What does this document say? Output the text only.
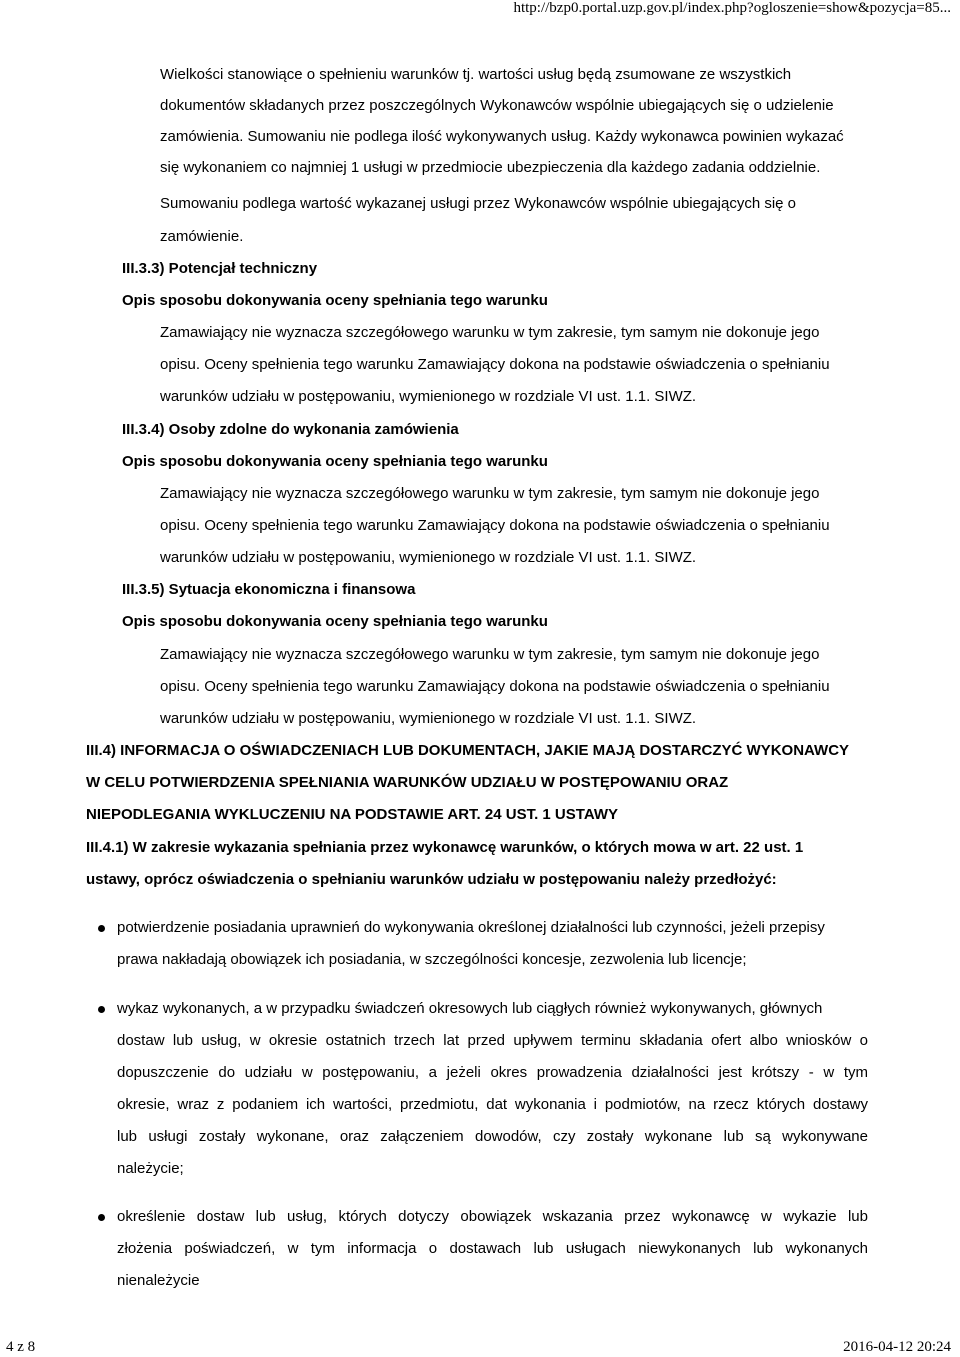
http://bzp0.portal.uzp.gov.pl/index.php?ogloszenie=show&pozycja=85...
Wielkości stanowiące o spełnieniu warunków tj. wartości usług będą zsumowane ze wszystkich
dokumentów składanych przez poszczególnych Wykonawców wspólnie ubiegających się o udzielenie
zamówienia. Sumowaniu nie podlega ilość wykonywanych usług. Każdy wykonawca powinien wykazać
się wykonaniem co najmniej 1 usługi w przedmiocie ubezpieczenia dla każdego zadania oddzielnie.
Sumowaniu podlega wartość wykazanej usługi przez Wykonawców wspólnie ubiegających się o
zamówienie.
III.3.3) Potencjał techniczny
Opis sposobu dokonywania oceny spełniania tego warunku
Zamawiający nie wyznacza szczegółowego warunku w tym zakresie, tym samym nie dokonuje jego
opisu. Oceny spełnienia tego warunku Zamawiający dokona na podstawie oświadczenia o spełnianiu
warunków udziału w postępowaniu, wymienionego w rozdziale VI ust. 1.1. SIWZ.
III.3.4) Osoby zdolne do wykonania zamówienia
Opis sposobu dokonywania oceny spełniania tego warunku
Zamawiający nie wyznacza szczegółowego warunku w tym zakresie, tym samym nie dokonuje jego
opisu. Oceny spełnienia tego warunku Zamawiający dokona na podstawie oświadczenia o spełnianiu
warunków udziału w postępowaniu, wymienionego w rozdziale VI ust. 1.1. SIWZ.
III.3.5) Sytuacja ekonomiczna i finansowa
Opis sposobu dokonywania oceny spełniania tego warunku
Zamawiający nie wyznacza szczegółowego warunku w tym zakresie, tym samym nie dokonuje jego
opisu. Oceny spełnienia tego warunku Zamawiający dokona na podstawie oświadczenia o spełnianiu
warunków udziału w postępowaniu, wymienionego w rozdziale VI ust. 1.1. SIWZ.
III.4) INFORMACJA O OŚWIADCZENIACH LUB DOKUMENTACH, JAKIE MAJĄ DOSTARCZYĆ WYKONAWCY
W CELU POTWIERDZENIA SPEŁNIANIA WARUNKÓW UDZIAŁU W POSTĘPOWANIU ORAZ
NIEPODLEGANIA WYKLUCZENIU NA PODSTAWIE ART. 24 UST. 1 USTAWY
III.4.1) W zakresie wykazania spełniania przez wykonawcę warunków, o których mowa w art. 22 ust. 1
ustawy, oprócz oświadczenia o spełnianiu warunków udziału w postępowaniu należy przedłożyć:
potwierdzenie posiadania uprawnień do wykonywania określonej działalności lub czynności, jeżeli przepisy
prawa nakładają obowiązek ich posiadania, w szczególności koncesje, zezwolenia lub licencje;
wykaz wykonanych, a w przypadku świadczeń okresowych lub ciągłych również wykonywanych, głównych
dostaw lub usług, w okresie ostatnich trzech lat przed upływem terminu składania ofert albo wniosków o
dopuszczenie do udziału w postępowaniu, a jeżeli okres prowadzenia działalności jest krótszy - w tym
okresie, wraz z podaniem ich wartości, przedmiotu, dat wykonania i podmiotów, na rzecz których dostawy
lub usługi zostały wykonane, oraz załączeniem dowodów, czy zostały wykonane lub są wykonywane
należycie;
określenie dostaw lub usług, których dotyczy obowiązek wskazania przez wykonawcę w wykazie lub
złożenia poświadczeń, w tym informacja o dostawach lub usługach niewykonanych lub wykonanych
nienależycie
4 z 8	2016-04-12 20:24
